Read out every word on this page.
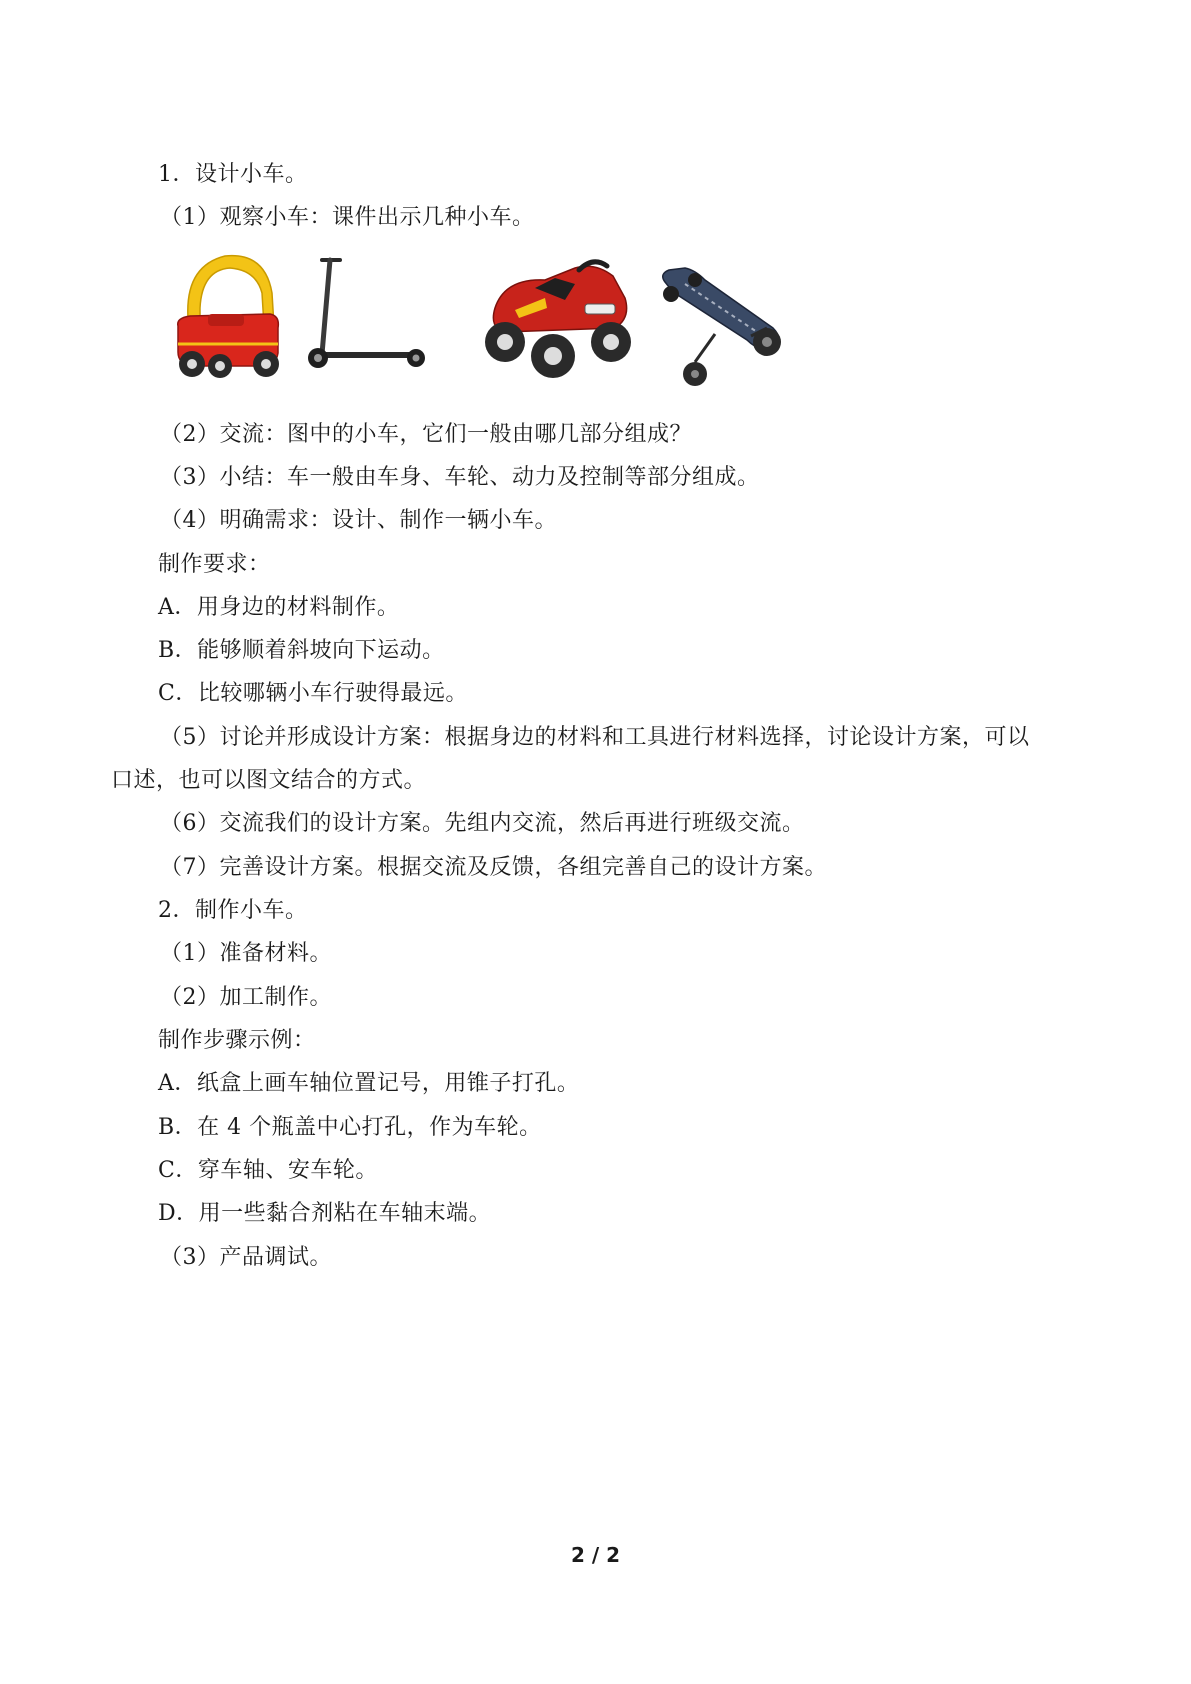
1．设计小车。
（1）观察小车：课件出示几种小车。
（2）交流：图中的小车，它们一般由哪几部分组成？
（3）小结：车一般由车身、车轮、动力及控制等部分组成。
（4）明确需求：设计、制作一辆小车。
制作要求：
A．用身边的材料制作。
B．能够顺着斜坡向下运动。
C．比较哪辆小车行驶得最远。
（5）讨论并形成设计方案：根据身边的材料和工具进行材料选择，讨论设计方案，可以
口述，也可以图文结合的方式。
（6）交流我们的设计方案。先组内交流，然后再进行班级交流。
（7）完善设计方案。根据交流及反馈，各组完善自己的设计方案。
2．制作小车。
（1）准备材料。
（2）加工制作。
制作步骤示例：
A．纸盒上画车轴位置记号，用锥子打孔。
B．在 4 个瓶盖中心打孔，作为车轮。
C．穿车轴、安车轮。
D．用一些黏合剂粘在车轴末端。
（3）产品调试。
2 / 2
